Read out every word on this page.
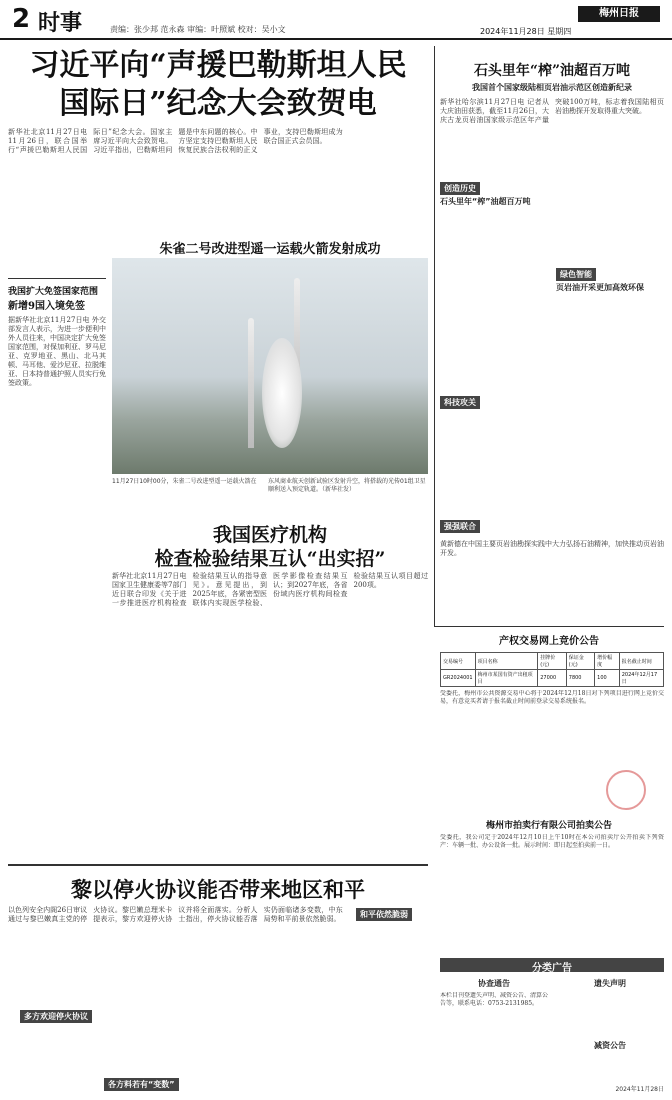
2 时事	责编：张少邦 范永森 审编：叶照斌 校对：吴小文
梅州日报
2024年11月28日 星期四
习近平向“声援巴勒斯坦人民
国际日”纪念大会致贺电
新华社北京11月27日电 11月26日，联合国举行“声援巴勒斯坦人民国际日”纪念大会。国家主席习近平向大会致贺电。习近平指出，巴勒斯坦问题是中东问题的核心。中方坚定支持巴勒斯坦人民恢复民族合法权利的正义事业，支持巴勒斯坦成为联合国正式会员国。
我国扩大免签国家范围
新增9国入境免签
据新华社北京11月27日电 外交部发言人表示，为进一步便利中外人员往来，中国决定扩大免签国家范围，对保加利亚、罗马尼亚、克罗地亚、黑山、北马其顿、马耳他、爱沙尼亚、拉脱维亚、日本持普通护照人员实行免签政策。
朱雀二号改进型遥一运载火箭发射成功
11月27日10时00分，朱雀二号改进型遥一运载火箭在	东风商业航天创新试验区发射升空，将搭载的光传01组卫星顺利送入预定轨道。（新华社发）
我国医疗机构
检查检验结果互认“出实招”
新华社北京11月27日电 国家卫生健康委等7部门近日联合印发《关于进一步推进医疗机构检查检验结果互认的指导意见》。意见提出，到2025年底，各紧密型医联体内实现医学检验、医学影像检查结果互认；到2027年底，各省份域内医疗机构间检查检验结果互认项目超过200项。
石头里年“榨”油超百万吨
我国首个国家级陆相页岩油示范区创造新纪录
新华社哈尔滨11月27日电 记者从大庆油田获悉，截至11月26日，大庆古龙页岩油国家级示范区年产量突破100万吨，标志着我国陆相页岩油勘探开发取得重大突破。
创造历史
石头里年“榨”油超百万吨
科技攻关
绿色智能
页岩油开采更加高效环保
强强联合
黄新德在中国主要页岩油勘探实践中大力弘扬石油精神，加快推动页岩油开发。
产权交易网上竞价公告
交易编号	项目名称	挂牌价(元)	保证金(元)	增价幅度	报名截止时间
GR2024001	梅州市某国有资产出租项目	27000	7800	100	2024年12月17日
受委托，梅州市公共资源交易中心将于2024年12月18日对下列项目进行网上竞价交易，有意竞买者请于报名截止时间前登录交易系统报名。
梅州市拍卖行有限公司拍卖公告
受委托，我公司定于2024年12月10日上午10时在本公司拍卖厅公开拍卖下列资产：车辆一批、办公设备一批。展示时间：即日起至拍卖前一日。
黎以停火协议能否带来地区和平
以色列安全内阁26日审议通过与黎巴嫩真主党的停火协议。黎巴嫩总理米卡提表示，黎方欢迎停火协议并将全面落实。分析人士指出，停火协议能否落实仍面临诸多变数，中东局势和平前景依然脆弱。
多方欢迎停火协议
和平依然脆弱
各方料若有“变数”
分类广告
协查通告	遗失声明
本栏目刊登遗失声明、减资公告、清算公告等，联系电话：0753-2131985。
减资公告
2024年11月28日
